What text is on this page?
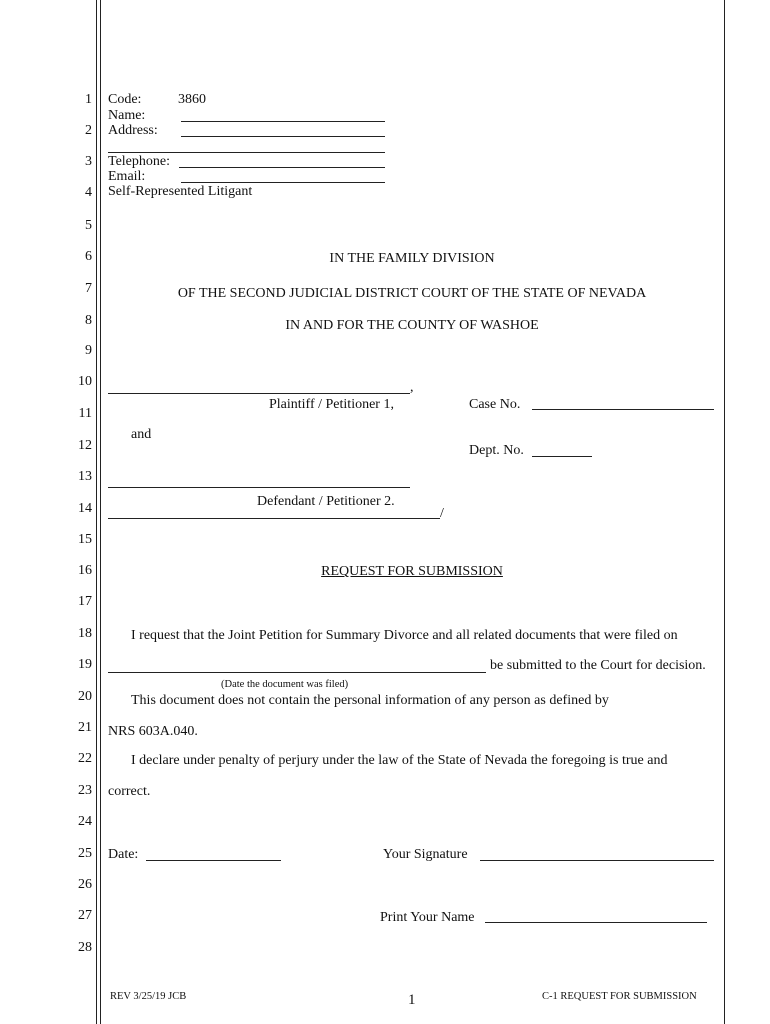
1
2
3
4
5
6
7
8
9
10
11
12
13
14
15
16
17
18
19
20
21
22
23
24
25
26
27
28
Code:	3860
Name:
Address:
Telephone:
Email:
Self-Represented Litigant
IN THE FAMILY DIVISION
OF THE SECOND JUDICIAL DISTRICT COURT OF THE STATE OF NEVADA
IN AND FOR THE COUNTY OF WASHOE
,
Plaintiff / Petitioner 1,	Case No.
and
Dept. No.
Defendant / Petitioner 2.
/
REQUEST FOR SUBMISSION
I request that the Joint Petition for Summary Divorce and all related documents that were filed on
be submitted to the Court for decision.
(Date the document was filed)
This document does not contain the personal information of any person as defined by
NRS 603A.040.
I declare under penalty of perjury under the law of the State of Nevada the foregoing is true and
correct.
Date:	Your Signature
Print Your Name
REV 3/25/19 JCB	1	C-1 REQUEST FOR SUBMISSION
